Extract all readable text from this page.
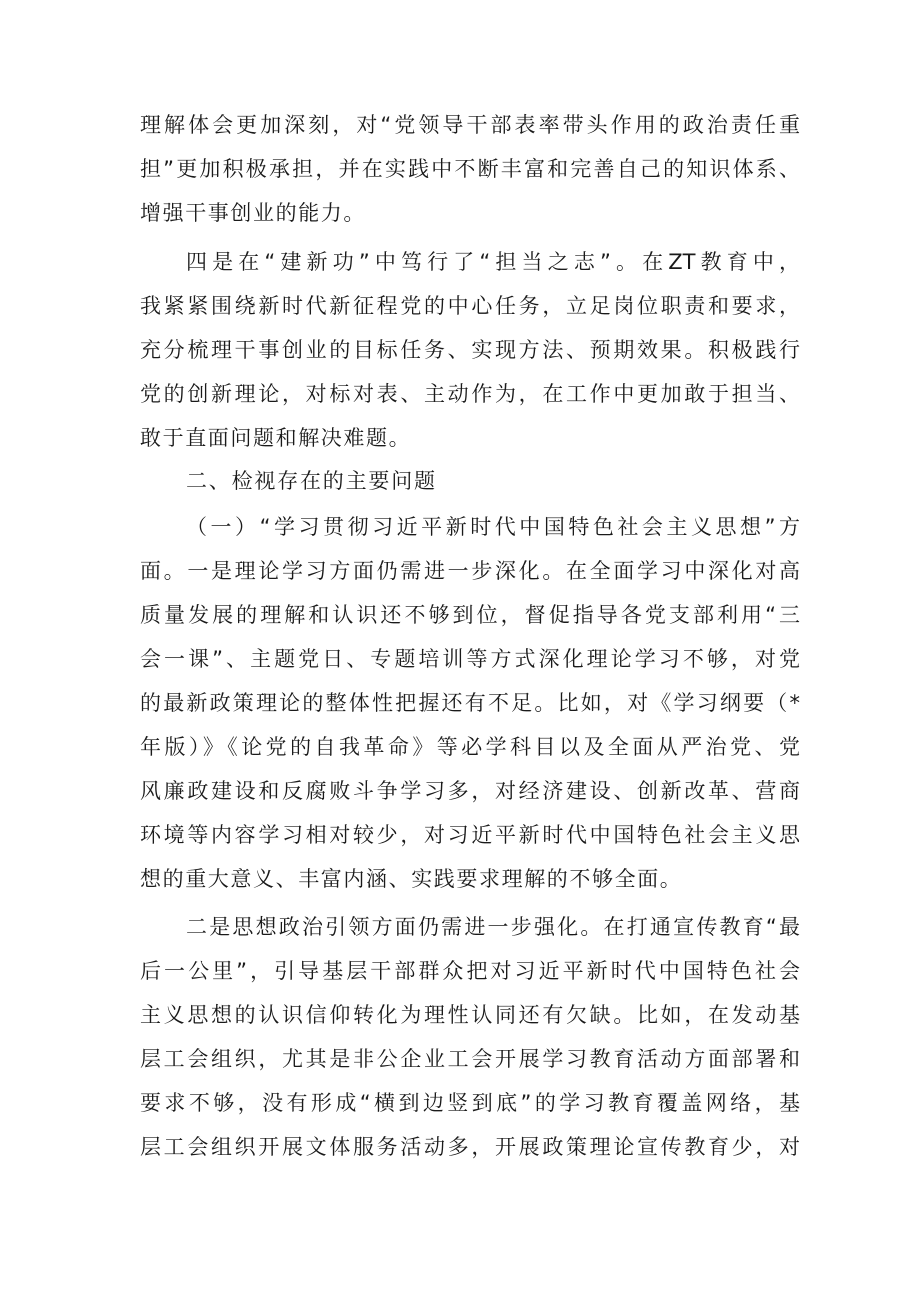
理解体会更加深刻，对“党领导干部表率带头作用的政治责任重
担”更加积极承担，并在实践中不断丰富和完善自己的知识体系、
增强干事创业的能力。
四是在“建新功”中笃行了“担当之志”。在ZT教育中，
我紧紧围绕新时代新征程党的中心任务，立足岗位职责和要求，
充分梳理干事创业的目标任务、实现方法、预期效果。积极践行
党的创新理论，对标对表、主动作为，在工作中更加敢于担当、
敢于直面问题和解决难题。
二、检视存在的主要问题
（一）“学习贯彻习近平新时代中国特色社会主义思想”方
面。一是理论学习方面仍需进一步深化。在全面学习中深化对高
质量发展的理解和认识还不够到位，督促指导各党支部利用“三
会一课”、主题党日、专题培训等方式深化理论学习不够，对党
的最新政策理论的整体性把握还有不足。比如，对《学习纲要（*
年版）》《论党的自我革命》等必学科目以及全面从严治党、党
风廉政建设和反腐败斗争学习多，对经济建设、创新改革、营商
环境等内容学习相对较少，对习近平新时代中国特色社会主义思
想的重大意义、丰富内涵、实践要求理解的不够全面。
二是思想政治引领方面仍需进一步强化。在打通宣传教育“最
后一公里”，引导基层干部群众把对习近平新时代中国特色社会
主义思想的认识信仰转化为理性认同还有欠缺。比如，在发动基
层工会组织，尤其是非公企业工会开展学习教育活动方面部署和
要求不够，没有形成“横到边竖到底”的学习教育覆盖网络，基
层工会组织开展文体服务活动多，开展政策理论宣传教育少，对
